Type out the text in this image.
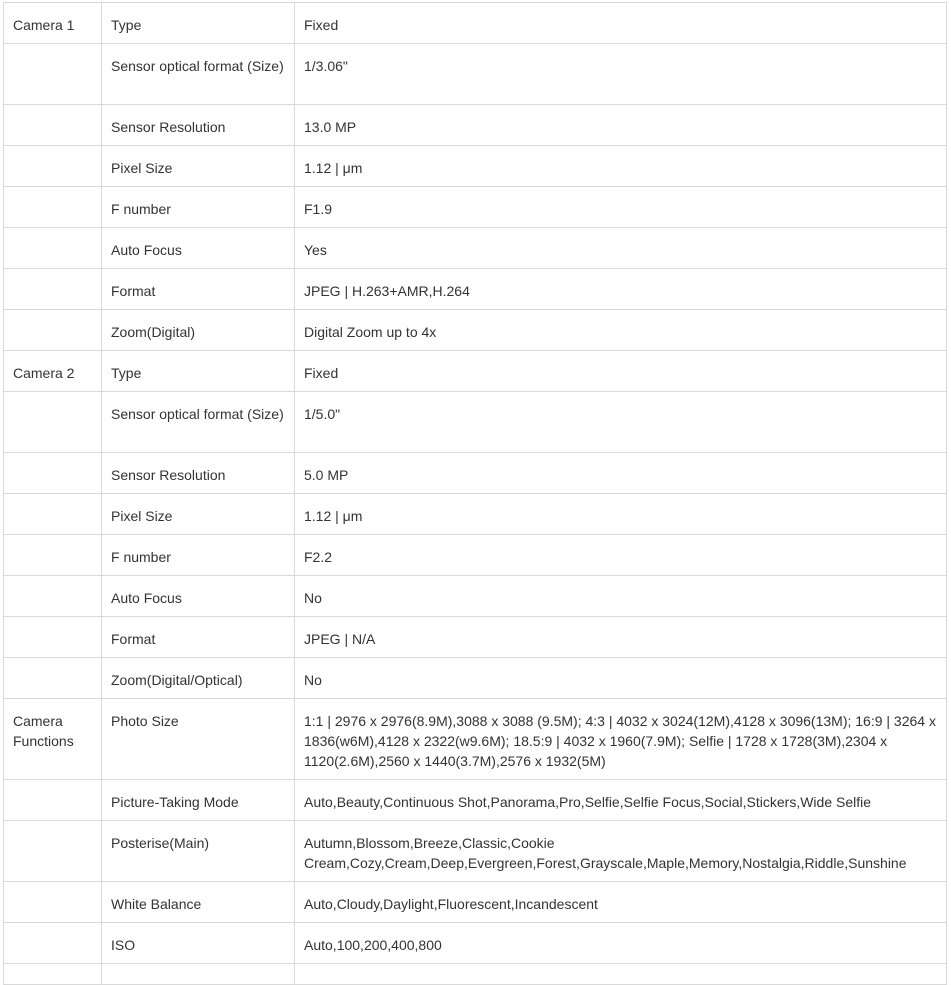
Camera 1	Type	Fixed
	Sensor optical format (Size)	1/3.06"
	Sensor Resolution	13.0 MP
	Pixel Size	1.12 | μm
	F number	F1.9
	Auto Focus	Yes
	Format	JPEG | H.263+AMR,H.264
	Zoom(Digital)	Digital Zoom up to 4x
Camera 2	Type	Fixed
	Sensor optical format (Size)	1/5.0"
	Sensor Resolution	5.0 MP
	Pixel Size	1.12 | μm
	F number	F2.2
	Auto Focus	No
	Format	JPEG | N/A
	Zoom(Digital/Optical)	No
Camera Functions	Photo Size	1:1 | 2976 x 2976(8.9M),3088 x 3088 (9.5M); 4:3 | 4032 x 3024(12M),4128 x 3096(13M); 16:9 | 3264 x 1836(w6M),4128 x 2322(w9.6M); 18.5:9 | 4032 x 1960(7.9M); Selfie | 1728 x 1728(3M),2304 x 1120(2.6M),2560 x 1440(3.7M),2576 x 1932(5M)
	Picture-Taking Mode	Auto,Beauty,Continuous Shot,Panorama,Pro,Selfie,Selfie Focus,Social,Stickers,Wide Selfie
	Posterise(Main)	Autumn,Blossom,Breeze,Classic,Cookie Cream,Cozy,Cream,Deep,Evergreen,Forest,Grayscale,Maple,Memory,Nostalgia,Riddle,Sunshine
	White Balance	Auto,Cloudy,Daylight,Fluorescent,Incandescent
	ISO	Auto,100,200,400,800
